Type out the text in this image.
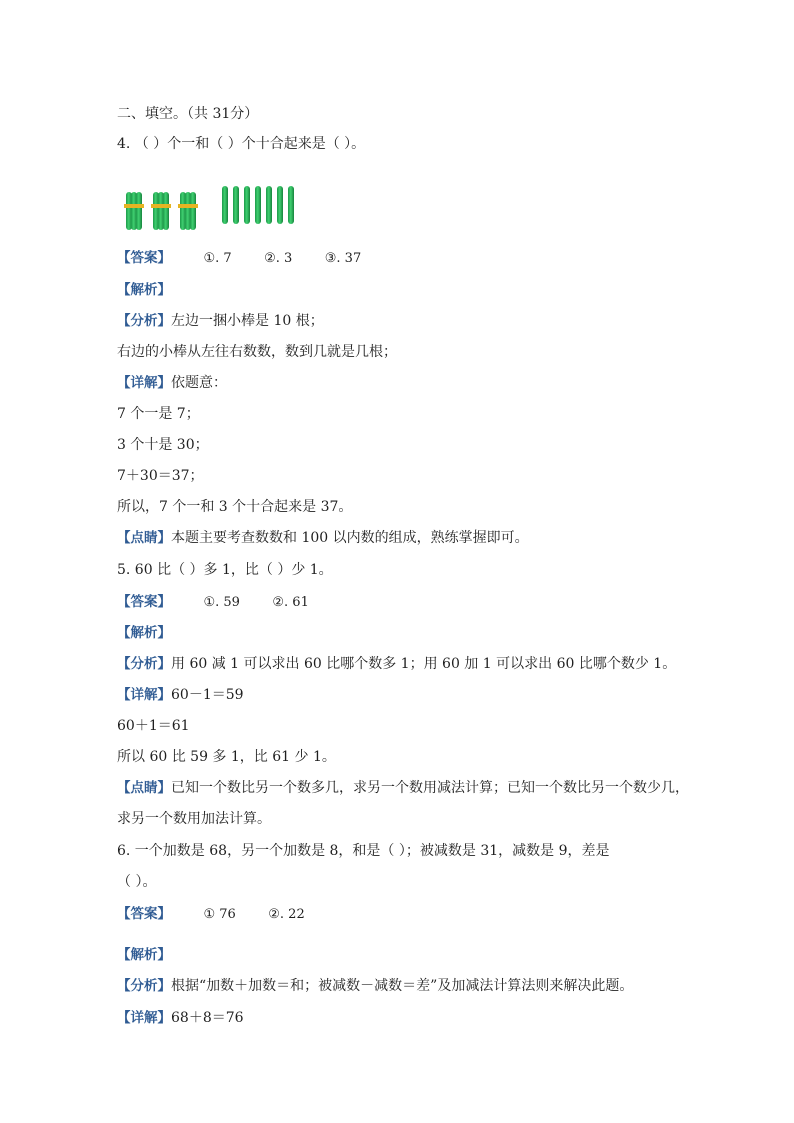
二、填空。（共 31分）
4. （ ）个一和（ ）个十合起来是（ ）。
【答案】 ①. 7 ②. 3 ③. 37
【解析】
【分析】左边一捆小棒是 10 根；
右边的小棒从左往右数数，数到几就是几根；
【详解】依题意：
7 个一是 7；
3 个十是 30；
7＋30＝37；
所以，7 个一和 3 个十合起来是 37。
【点睛】本题主要考查数数和 100 以内数的组成，熟练掌握即可。
5. 60 比（ ）多 1，比（ ）少 1。
【答案】 ①. 59 ②. 61
【解析】
【分析】用 60 减 1 可以求出 60 比哪个数多 1；用 60 加 1 可以求出 60 比哪个数少 1。
【详解】60－1＝59
60＋1＝61
所以 60 比 59 多 1，比 61 少 1。
【点睛】已知一个数比另一个数多几，求另一个数用减法计算；已知一个数比另一个数少几，
求另一个数用加法计算。
6. 一个加数是 68，另一个加数是 8，和是（ ）；被减数是 31，减数是 9，差是
（ ）。
【答案】 ① 76 ②. 22
【解析】
【分析】根据“加数＋加数＝和；被减数－减数＝差”及加减法计算法则来解决此题。
【详解】68＋8＝76
